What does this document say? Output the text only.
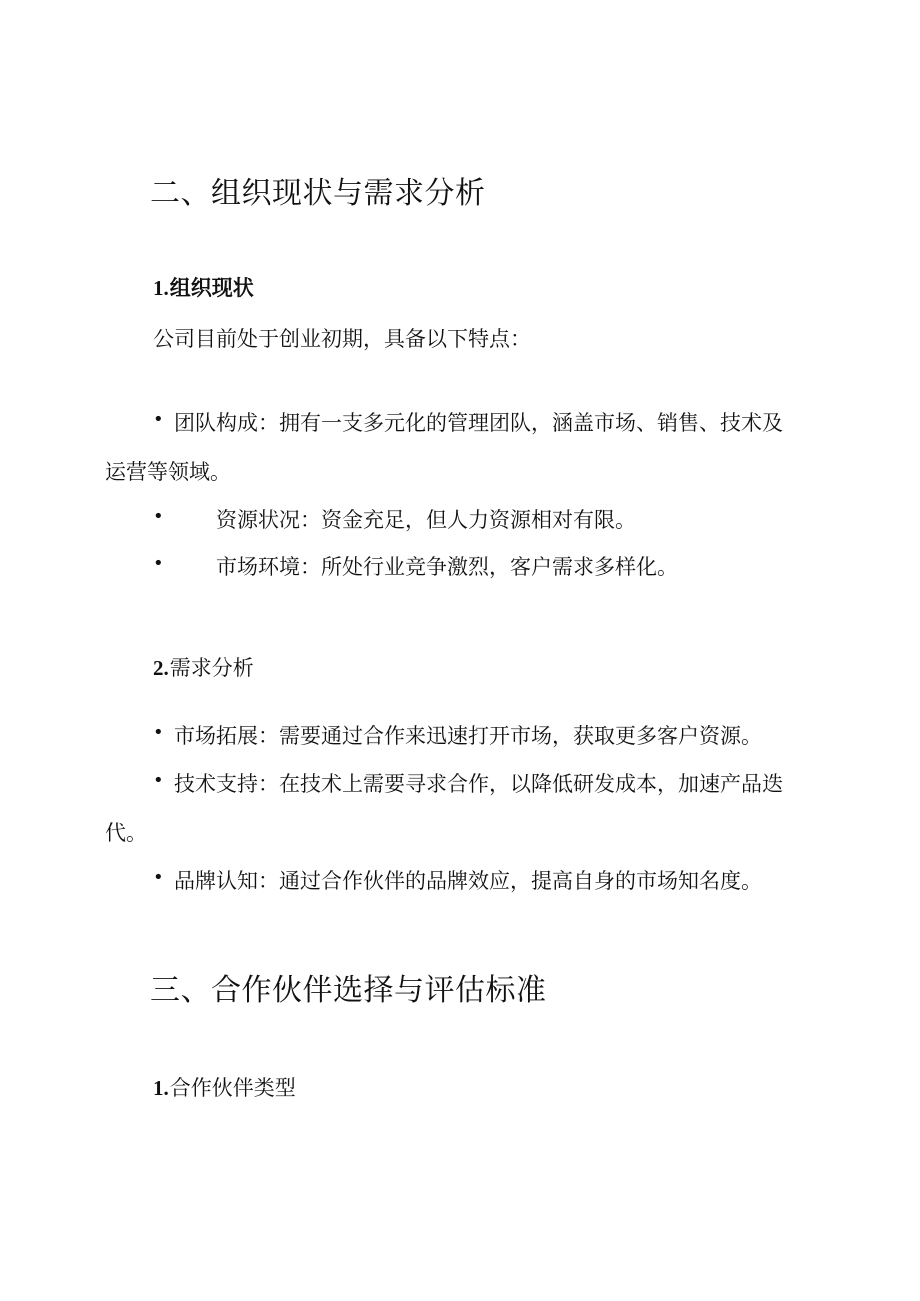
二、组织现状与需求分析
1.组织现状
公司目前处于创业初期，具备以下特点：
• 团队构成：拥有一支多元化的管理团队，涵盖市场、销售、技术及
运营等领域。
• 资源状况：资金充足，但人力资源相对有限。
• 市场环境：所处行业竞争激烈，客户需求多样化。
2.需求分析
• 市场拓展：需要通过合作来迅速打开市场，获取更多客户资源。
• 技术支持：在技术上需要寻求合作，以降低研发成本，加速产品迭
代。
• 品牌认知：通过合作伙伴的品牌效应，提高自身的市场知名度。
三、合作伙伴选择与评估标准
1.合作伙伴类型
